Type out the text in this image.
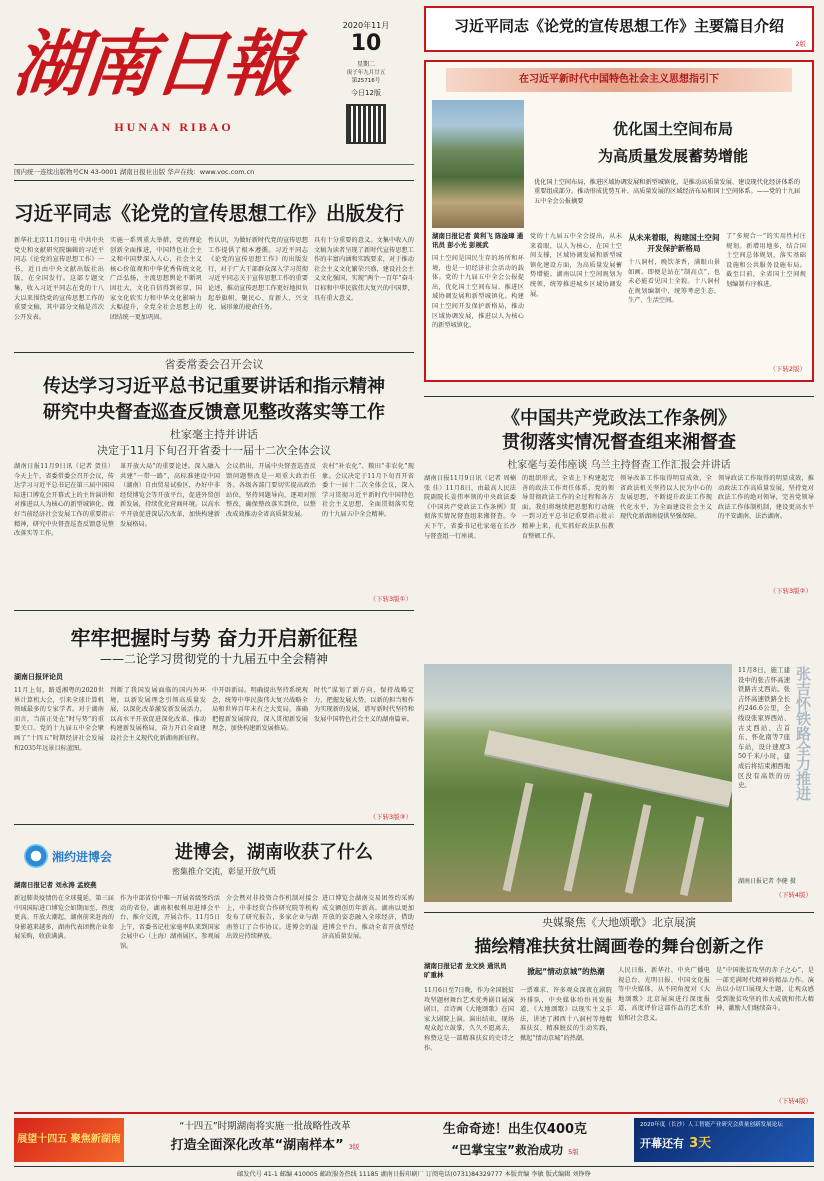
湖南日報
HUNAN RIBAO
2020年11月
10
星期二
庚子年九月廿五
第25716号
今日12版
国内统一连续出版物号CN 43-0001 湖南日报社出版 华声在线：www.voc.com.cn
习近平同志《论党的宣传思想工作》主要篇目介绍
2版
在习近平新时代中国特色社会主义思想指引下
优化国土空间布局
为高质量发展蓄势增能
优化国土空间布局，推进区域协调发展和新型城镇化，是推动高质量发展、建设现代化经济体系的重要组成部分。推动形成优势互补、高质量发展的区域经济布局和国土空间体系。——党的十九届五中全会公报摘要
湖南日报记者 黄利飞 陈淦璋 通讯员 彭小光 彭展武
国土空间是国民生存的场所和环境，也是一切经济社会活动的载体。党的十九届五中全会公报提出，优化国土空间布局，推进区域协调发展和新型城镇化。构建国土空间开发保护新格局，推动区域协调发展，推进以人为核心的新型城镇化。
党的十九届五中全会提出，从未来着眼，以人为核心，在国土空间支撑，区域协调发展和新型城镇化建设方面，为高质量发展蓄势增能。湖南以国土空间规划为统领，统筹推进城乡区域协调发展。
从未来着眼，构建国土空间开发保护新格局
十八洞村，晚饮茶香，满眼山景如画。即便是站在“制高点”，也未必能看见国土全貌。十八洞村在规划编制中，统筹考虑生态、生产、生活空间。
了“多规合一”的实用性村庄规划。新增用地多，结合国土空间总体规划，落实基础设施和公共服务设施布局。截至目前，全省国土空间规划编制有序推进。
（下转2版）
习近平同志《论党的宣传思想工作》出版发行
新华社北京11月9日电 中共中央党史和文献研究院编辑的习近平同志《论党的宣传思想工作》一书，近日由中央文献出版社出版，在全国发行。这部专题文集，收入习近平同志在党的十八大以来围绕党的宣传思想工作的重要文稿，其中部分文稿是首次公开发表。
实施一系列重大举措，党的理论创新全面推进，中国特色社会主义和中国梦深入人心，社会主义核心价值观和中华优秀传统文化广泛弘扬，主流思想舆论不断巩固壮大，文化自信得到彰显，国家文化软实力和中华文化影响力大幅提升，全党全社会思想上的团结统一更加巩固。
性认识，为做好新时代党的宣传思想工作提供了根本遵循。习近平同志《论党的宣传思想工作》的出版发行，对于广大干部群众深入学习贯彻习近平同志关于宣传思想工作的重要论述，推动宣传思想工作更好地担负起举旗帜、聚民心、育新人、兴文化、展形象的使命任务。
具有十分重要的意义。文集中收入的文稿为读者呈现了新时代宣传思想工作的丰富内涵和实践要求，对于推动社会主义文化繁荣兴盛，建设社会主义文化强国，实现“两个一百年”奋斗目标和中华民族伟大复兴的中国梦，具有重大意义。
省委常委会召开会议
传达学习习近平总书记重要讲话和指示精神
研究中央督查巡查反馈意见整改落实等工作
杜家毫主持并讲话
决定于11月下旬召开省委十一届十二次全体会议
湖南日报11月9日讯（记者 贺佳）今天上午，省委常委会召开会议，传达学习习近平总书记在第三届中国国际进口博览会开幕式上的主旨演讲和对推进以人为核心的新型城镇化、做好当前经济社会发展工作的重要指示精神，研究中央督查巡查反馈意见整改落实等工作。
革开放大局”的重要论述。深入融入共建“一带一路”，高标准建设中国（湖南）自由贸易试验区，办好中非经贸博览会等开放平台，促进外贸创新发展，持续优化营商环境。以高水平开放促进深层次改革，加快构建新发展格局。
会议指出，开展中央督查巡查反馈问题整改是一项重大政治任务。各级各部门要切实提高政治站位，坚持问题导向，逐项对照整改，确保整改落实到位，以整改成效推动全省高质量发展。
农村“补农化”、粮田“非农化”现象。会议决定于11月下旬召开省委十一届十二次全体会议，深入学习贯彻习近平新时代中国特色社会主义思想，全面贯彻落实党的十九届五中全会精神。
（下转3版①）
《中国共产党政法工作条例》
贯彻落实情况督查组来湘督查
杜家毫与姜伟座谈 乌兰主持督查工作汇报会并讲话
湖南日报11月9日讯（记者 周楠 张 佳）11月8日，由最高人民法院副院长姜伟率领的中央政法委《中国共产党政法工作条例》贯彻落实情况督查组来湘督查。今天下午，省委书记杜家毫在长沙与督查组一行座谈。
的组织形式，全省上下构建起完善的政法工作责任体系，党的领导贯彻政法工作的全过程和各方面。我们将继续把思想和行动统一到习近平总书记重要指示批示精神上来，扎实抓好政法队伍教育整顿工作。
领导改革工作取得明显成效，全省政法机关坚持以人民为中心的发展思想，不断提升政法工作现代化水平，为全面建设社会主义现代化新湖南提供坚强保障。
领导政法工作取得的明显成效，推动政法工作高质量发展，坚持党对政法工作的绝对领导，完善党领导政法工作体制机制，建设更高水平的平安湖南、法治湖南。
（下转3版②）
牢牢把握时与势 奋力开启新征程
——二论学习贯彻党的十九届五中全会精神
湖南日报评论员
11月上旬，路遥湘粤的2020世界计算机大会，引来全球计算机领域最多的专家学者。对于湖南而言，当前正处在“时与势”的重要关口。党的十九届五中全会擘画了“十四五”时期经济社会发展和2035年远景目标蓝图。
判断了我国发展面临的国内外环境，以新发展理念引领高质量发展，以深化改革激发新发展活力，以高水平开放促进深化改革，推动构建新发展格局，奋力开启全面建设社会主义现代化新湖南新征程。
中开辟新局。明确提出坚持系统观念，统筹中华民族伟大复兴战略全局和世界百年未有之大变局，准确把握新发展阶段，深入贯彻新发展理念，加快构建新发展格局。
时代”谋划了新方向，保持战略定力，把握发展大势，以新的担当和作为实现新的发展，谱写新时代坚持和发展中国特色社会主义的湖南篇章。
（下转3版③）
张吉怀铁路全力推进
11月8日，施工建设中的张吉怀高速铁路古丈西站。张吉怀高速铁路全长约246.6公里，全线设张家界西站、古丈西站、吉首东、怀化南等7座车站，设计速度350千米/小时，建成后将结束湘西地区没有高铁的历史。
湖南日报记者 李健 摄
（下转4版）
湘约进博会	进博会，湖南收获了什么
密集推介交流，彰显开放气质
湖南日报记者 刘永涛 孟姣燕
新冠肺炎疫情仍在全球蔓延，第三届中国国际进口博览会如期而至，热度更高。开放大潮起，湖南前来赶海的身影越来越多，湖南代表团携企业参展采购，收获满满。
作为中部省份中唯一开展省级签约活动的省份，湖南积极利用进博会平台，推介交流，开展合作。11月5日上午，省委书记杜家毫率队来到国家会展中心（上海）湖南展区，参观展馆。
介会暨对非投资合作机制对接会上，中非经贸合作研究院等机构发布了研究报告，多家企业与湖南签订了合作协议。进博会的溢出效应持续释放。
进口博览会湖南交易团签约采购成交额创历年新高。湖南以更加开放的姿态融入全球经济，借助进博会平台，推动全省开放型经济高质量发展。
央媒聚焦《大地颂歌》北京展演
描绘精准扶贫壮阔画卷的舞台创新之作
湖南日报记者 龙文泱 通讯员 旷重林
11月6日至7日晚，作为全国脱贫攻坚题材舞台艺术优秀剧目展演剧目，音诗画《大地颂歌》在国家大剧院上演。演出结束，现场观众起立鼓掌，久久不愿离去，称赞这是一部精准扶贫的史诗之作。
掀起“情动京城”的热潮
一票难求、许多观众深夜在剧院外排队，中央媒体纷纷刊发报道，《大地颂歌》以现实主义手法，讲述了湘西十八洞村等地精准扶贫、精准脱贫的生动实践，掀起“情动京城”的热潮。
人民日报、新华社、中央广播电视总台、光明日报、中国文化报等中央媒体，从不同角度对《大地颂歌》北京展演进行深度报道，高度评价这部作品的艺术价值和社会意义。
是“中国脱贫攻坚的赤子之心”，是一部充满时代精神的精品力作。演出以小切口展现大主题，让观众感受到脱贫攻坚的伟大成就和伟大精神，激励人们继续奋斗。
（下转4版）
展望十四五 聚焦新湖南
“十四五”时期湖南将实施一批战略性改革
打造全面深化改革“湖南样本” 3版
生命奇迹！出生仅400克
“巴掌宝宝”救治成功 5版
2020年度（长沙）人工智能产业研究会质量创新发展论坛
开幕还有 3天
邮发代号 41-1 邮编 410005 邮政服务热线 11185 湖南日报印刷厂 订阅电话(0731)84329777 本版责编 李敏 版式编辑 刘铮铮
